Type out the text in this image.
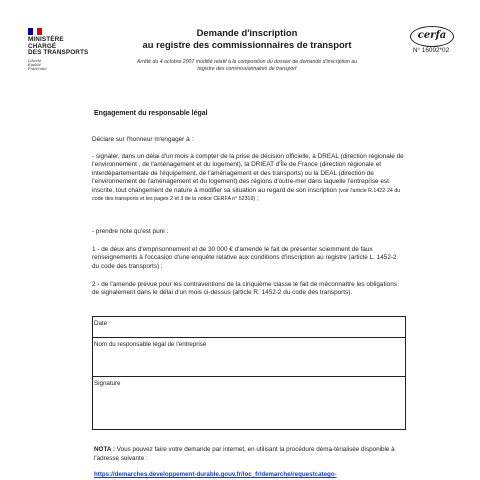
MINISTÈRE
CHARGÉ
DES TRANSPORTS
Liberté
Égalité
Fraternité
Demande d'inscription
au registre des commissionnaires de transport
Arrêté du 4 octobre 2007 modifié relatif à la composition du dossier de demande d'inscription au
registre des commissionnaires de transport
cerfa
N° 16092*02
Engagement du responsable légal
Déclare sur l'honneur m'engager à :
- signaler, dans un délai d'un mois à compter de la prise de décision officielle, à DREAL (direction régionale de l'environnement , de l'aménagement et du logement), la DRIEAT d'Île de France (direction régionale et interdépartementale de l'équipement, de l'aménagement et des transports) ou la DEAL (direction de l'environnement de l'aménagement et du logement) des régions d'outre-mer dans laquelle l'entreprise est inscrite, tout changement de nature à modifier sa situation au regard de son inscription (voir l'article R.1422-24 du code des transports et les pages 2 et 3 de la notice CERFA n° 52319) ;
- prendre note qu'est puni :
1 - de deux ans d'emprisonnement et de 30 000 € d'amende le fait de présenter sciemment de faux renseignements à l'occasion d'une enquête relative aux conditions d'inscription au registre (article L. 1452-2 du code des transports) ;
2 - de l'amende prévue pour les contraventions de la cinquième classe le fait de méconnaître les obligations de signalement dans le délai d'un mois ci-dessus (article R. 1452-2 du code des transports).
Date
Nom du responsable légal de l'entreprise
Signature
NOTA : Vous pouvez faire votre demande par internet, en utilisant la procédure déma-térialisée disponible à l'adresse suivante :
https://demarches.developpement-durable.gouv.fr/loc_fr/demarche/requestcatego-
